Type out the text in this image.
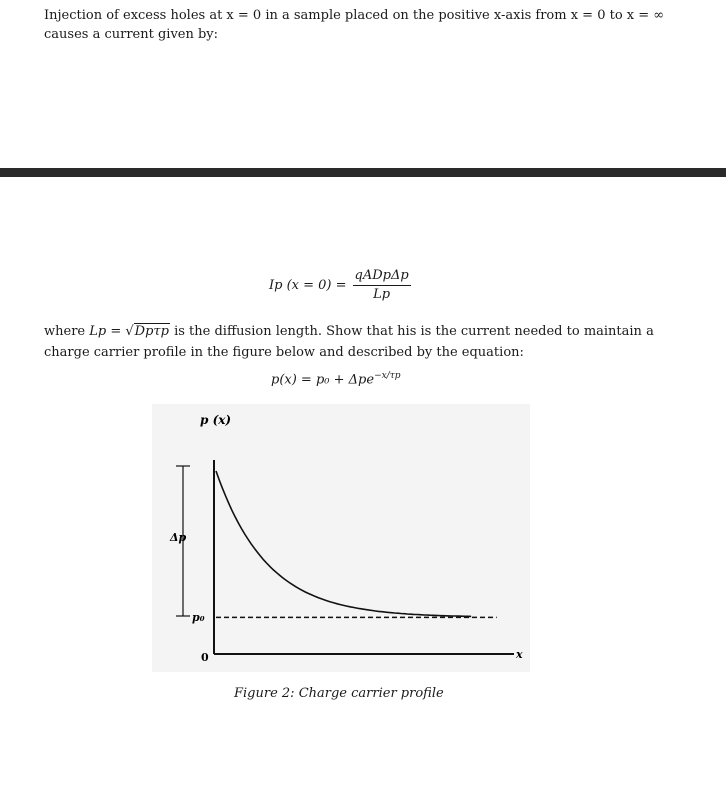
Injection of excess holes at x = 0 in a sample placed on the positive x-axis from x = 0 to x = ∞
causes a current given by:
Ip $(x = 0) = \frac{\text{qADpΔp}}{Lp}$
where Lp = √Dpτp is the diffusion length. Show that his is the current needed to maintain a
charge carrier profile in the figure below and described by the equation:
p(x) = p₀ + Δpe$^{-x/\tau p}$
p (x)
Δp
p₀
0	x
Figure 2: Charge carrier profile
